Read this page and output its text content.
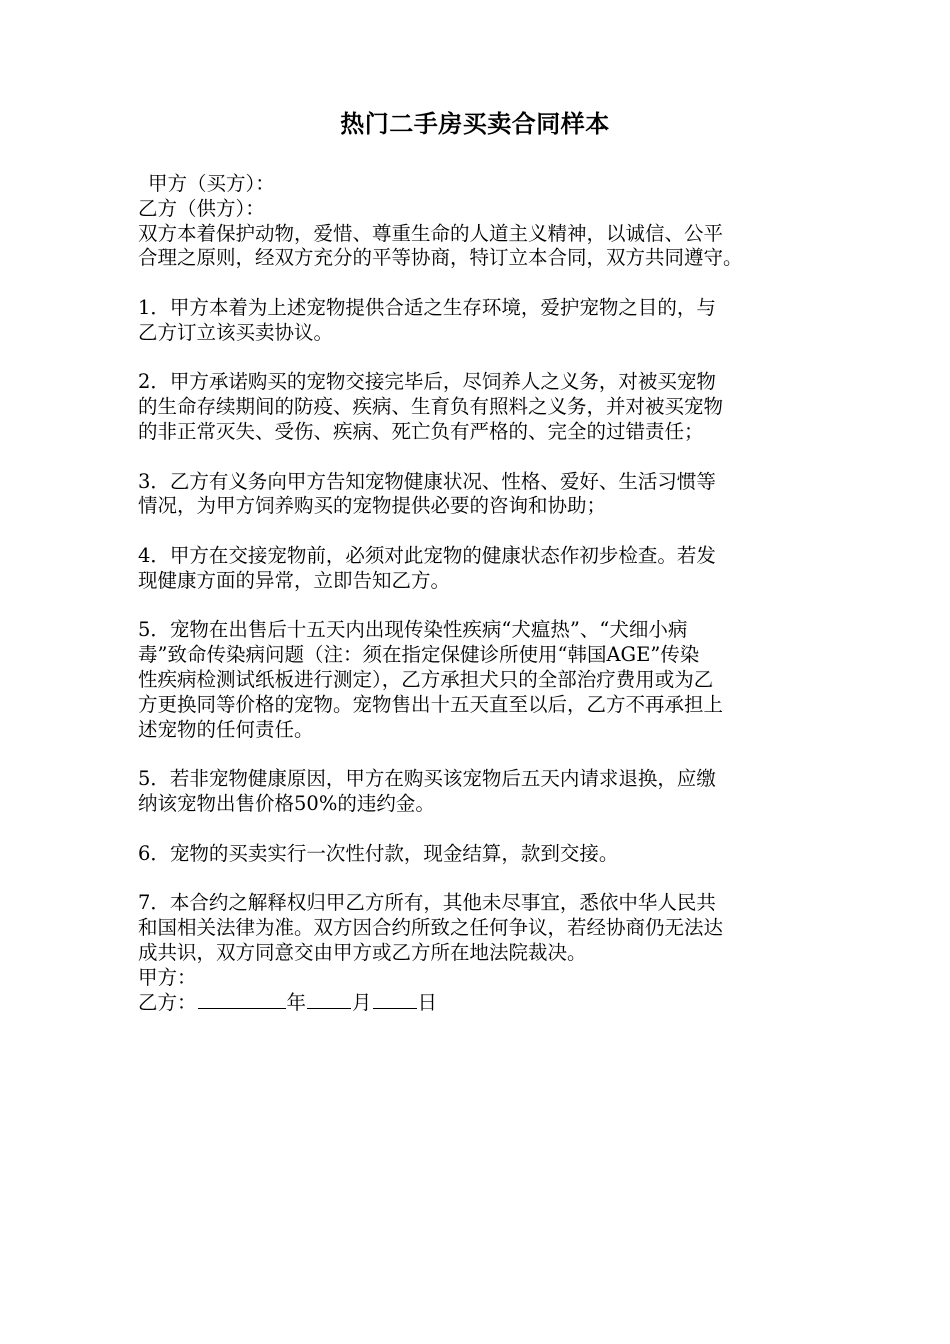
热门二手房买卖合同样本
甲方（买方）：
乙方（供方）：
双方本着保护动物，爱惜、尊重生命的人道主义精神，以诚信、公平
合理之原则，经双方充分的平等协商，特订立本合同，双方共同遵守。
1．甲方本着为上述宠物提供合适之生存环境，爱护宠物之目的，与
乙方订立该买卖协议。
2．甲方承诺购买的宠物交接完毕后，尽饲养人之义务，对被买宠物
的生命存续期间的防疫、疾病、生育负有照料之义务，并对被买宠物
的非正常灭失、受伤、疾病、死亡负有严格的、完全的过错责任；
3．乙方有义务向甲方告知宠物健康状况、性格、爱好、生活习惯等
情况，为甲方饲养购买的宠物提供必要的咨询和协助；
4．甲方在交接宠物前，必须对此宠物的健康状态作初步检查。若发
现健康方面的异常，立即告知乙方。
5．宠物在出售后十五天内出现传染性疾病“犬瘟热”、“犬细小病
毒”致命传染病问题（注：须在指定保健诊所使用“韩国AGE”传染
性疾病检测试纸板进行测定），乙方承担犬只的全部治疗费用或为乙
方更换同等价格的宠物。宠物售出十五天直至以后，乙方不再承担上
述宠物的任何责任。
5．若非宠物健康原因，甲方在购买该宠物后五天内请求退换，应缴
纳该宠物出售价格50%的违约金。
6．宠物的买卖实行一次性付款，现金结算，款到交接。
7．本合约之解释权归甲乙方所有，其他未尽事宜，悉依中华人民共
和国相关法律为准。双方因合约所致之任何争议，若经协商仍无法达
成共识，双方同意交由甲方或乙方所在地法院裁决。
甲方：
乙方：	年 月 日
